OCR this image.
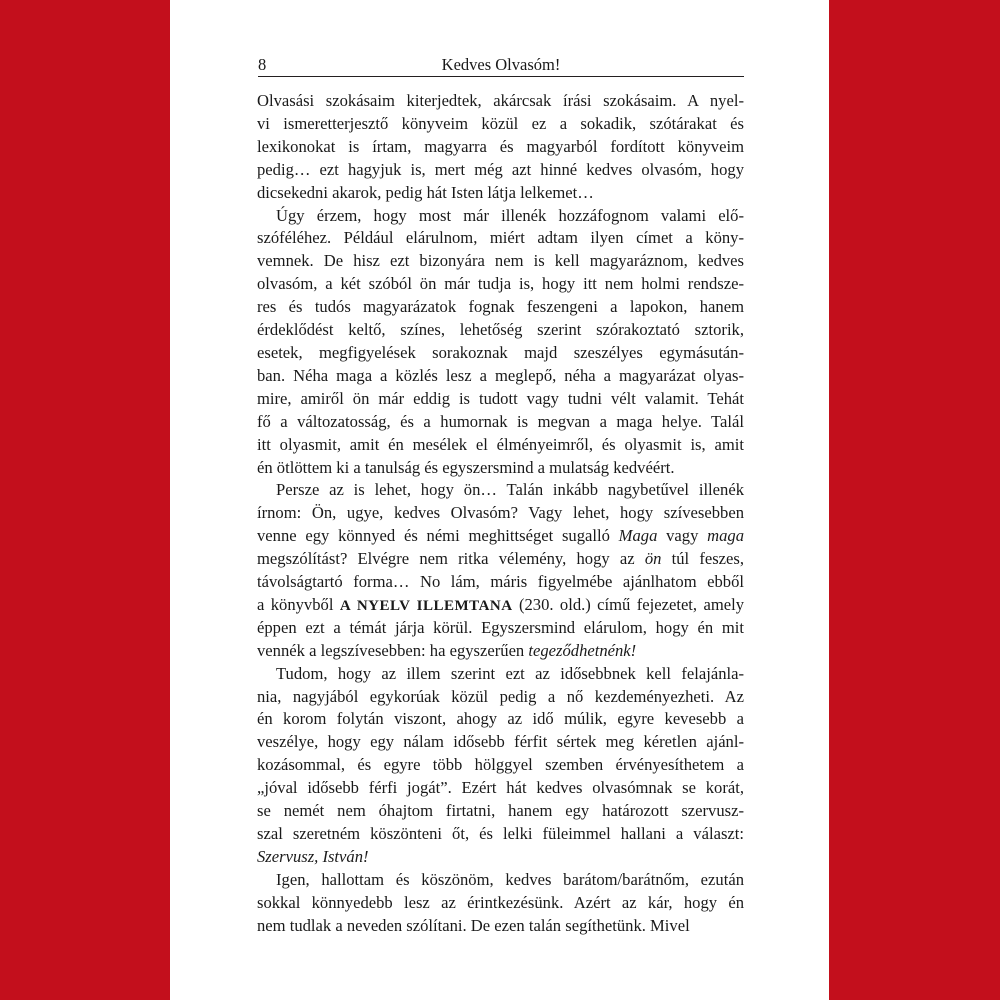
8	Kedves Olvasóm!
Olvasási szokásaim kiterjedtek, akárcsak írási szokásaim. A nyel-
vi ismeretterjesztő könyveim közül ez a sokadik, szótárakat és
lexikonokat is írtam, magyarra és magyarból fordított könyveim
pedig… ezt hagyjuk is, mert még azt hinné kedves olvasóm, hogy
dicsekedni akarok, pedig hát Isten látja lelkemet…
Úgy érzem, hogy most már illenék hozzáfognom valami elő-
szóféléhez. Például elárulnom, miért adtam ilyen címet a köny-
vemnek. De hisz ezt bizonyára nem is kell magyaráznom, kedves
olvasóm, a két szóból ön már tudja is, hogy itt nem holmi rendsze-
res és tudós magyarázatok fognak feszengeni a lapokon, hanem
érdeklődést keltő, színes, lehetőség szerint szórakoztató sztorik,
esetek, megfigyelések sorakoznak majd szeszélyes egymásután-
ban. Néha maga a közlés lesz a meglepő, néha a magyarázat olyas-
mire, amiről ön már eddig is tudott vagy tudni vélt valamit. Tehát
fő a változatosság, és a humornak is megvan a maga helye. Talál
itt olyasmit, amit én mesélek el élményeimről, és olyasmit is, amit
én ötlöttem ki a tanulság és egyszersmind a mulatság kedvéért.
Persze az is lehet, hogy ön… Talán inkább nagybetűvel illenék
írnom: Ön, ugye, kedves Olvasóm? Vagy lehet, hogy szívesebben
venne egy könnyed és némi meghittséget sugalló Maga vagy maga
megszólítást? Elvégre nem ritka vélemény, hogy az ön túl feszes,
távolságtartó forma… No lám, máris figyelmébe ajánlhatom ebből
a könyvből A NYELV ILLEMTANA (230. old.) című fejezetet, amely
éppen ezt a témát járja körül. Egyszersmind elárulom, hogy én mit
vennék a legszívesebben: ha egyszerűen tegeződhetnénk!
Tudom, hogy az illem szerint ezt az idősebbnek kell felajánla-
nia, nagyjából egykorúak közül pedig a nő kezdeményezheti. Az
én korom folytán viszont, ahogy az idő múlik, egyre kevesebb a
veszélye, hogy egy nálam idősebb férfit sértek meg kéretlen ajánl-
kozásommal, és egyre több hölggyel szemben érvényesíthetem a
„jóval idősebb férfi jogát”. Ezért hát kedves olvasómnak se korát,
se nemét nem óhajtom firtatni, hanem egy határozott szervusz-
szal szeretném köszönteni őt, és lelki füleimmel hallani a választ:
Szervusz, István!
Igen, hallottam és köszönöm, kedves barátom/barátnőm, ezután
sokkal könnyedebb lesz az érintkezésünk. Azért az kár, hogy én
nem tudlak a neveden szólítani. De ezen talán segíthetünk. Mivel
